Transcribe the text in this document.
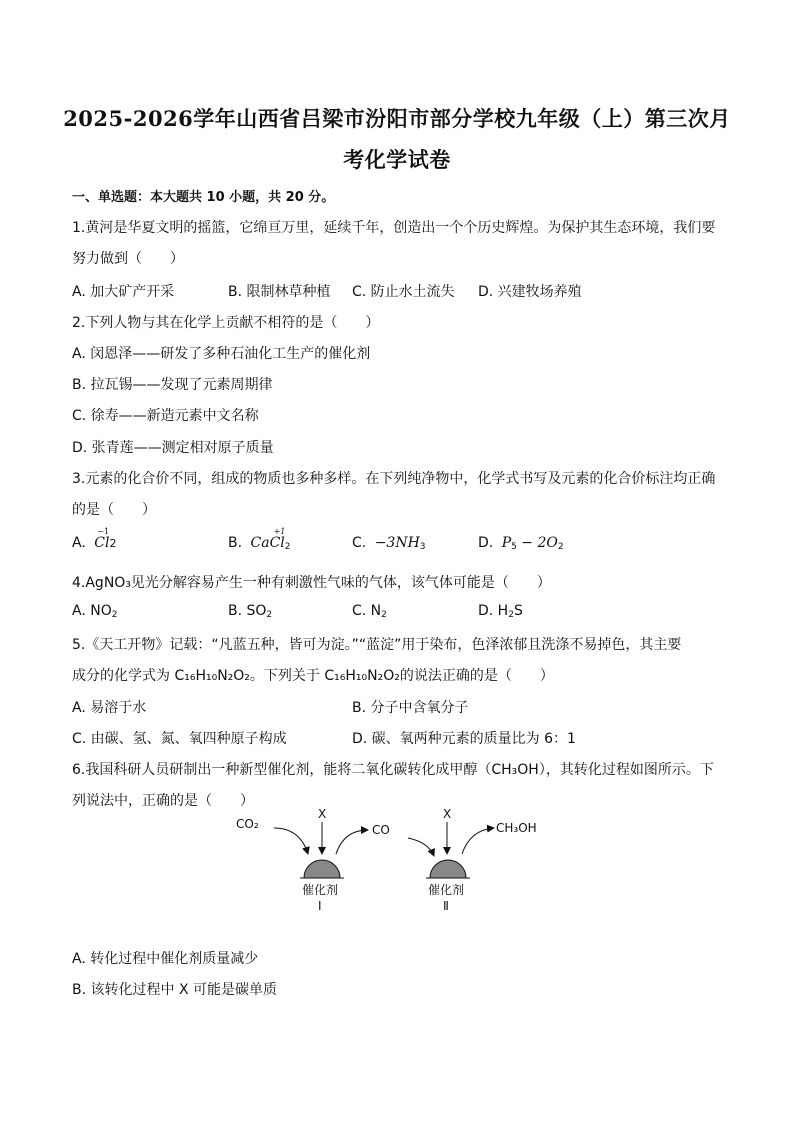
2025-2026学年山西省吕梁市汾阳市部分学校九年级（上）第三次月
考化学试卷
一、单选题：本大题共 10 小题，共 20 分。
1.黄河是华夏文明的摇篮，它绵亘万里，延续千年，创造出一个个历史辉煌。为保护其生态环境，我们要
努力做到（　　）
A. 加大矿产开采	B. 限制林草种植 C. 防止水土流失 D. 兴建牧场养殖
2.下列人物与其在化学上贡献不相符的是（　　）
A. 闵恩泽——研发了多种石油化工生产的催化剂
B. 拉瓦锡——发现了元素周期律
C. 徐寿——新造元素中文名称
D. 张青莲——测定相对原子质量
3.元素的化合价不同，组成的物质也多种多样。在下列纯净物中，化学式书写及元素的化合价标注均正确
的是（　　）
A.
−1
Cl2	B. Ca
+1
$Cl_2$	C. $-3NH_3$	D. $P_5 - 2O_2$
4.AgNO₃见光分解容易产生一种有刺激性气味的气体，该气体可能是（　　）
A. $NO_2$	B. $SO_2$	C. $N_2$	D. $H_2S$
5.《天工开物》记载：“凡蓝五种，皆可为淀。”“蓝淀”用于染布，色泽浓郁且洗涤不易掉色，其主要
成分的化学式为 C₁₆H₁₀N₂O₂。下列关于 C₁₆H₁₀N₂O₂的说法正确的是（　　）
A. 易溶于水	B. 分子中含氧分子
C. 由碳、氢、氮、氧四种原子构成	D. 碳、氧两种元素的质量比为 6：1
6.我国科研人员研制出一种新型催化剂，能将二氧化碳转化成甲醇（CH₃OH），其转化过程如图所示。下
列说法中，正确的是（　　）
CO₂
X
CO
催化剂
I
X
CH₃OH
催化剂
Ⅱ
A. 转化过程中催化剂质量减少
B. 该转化过程中 X 可能是碳单质
